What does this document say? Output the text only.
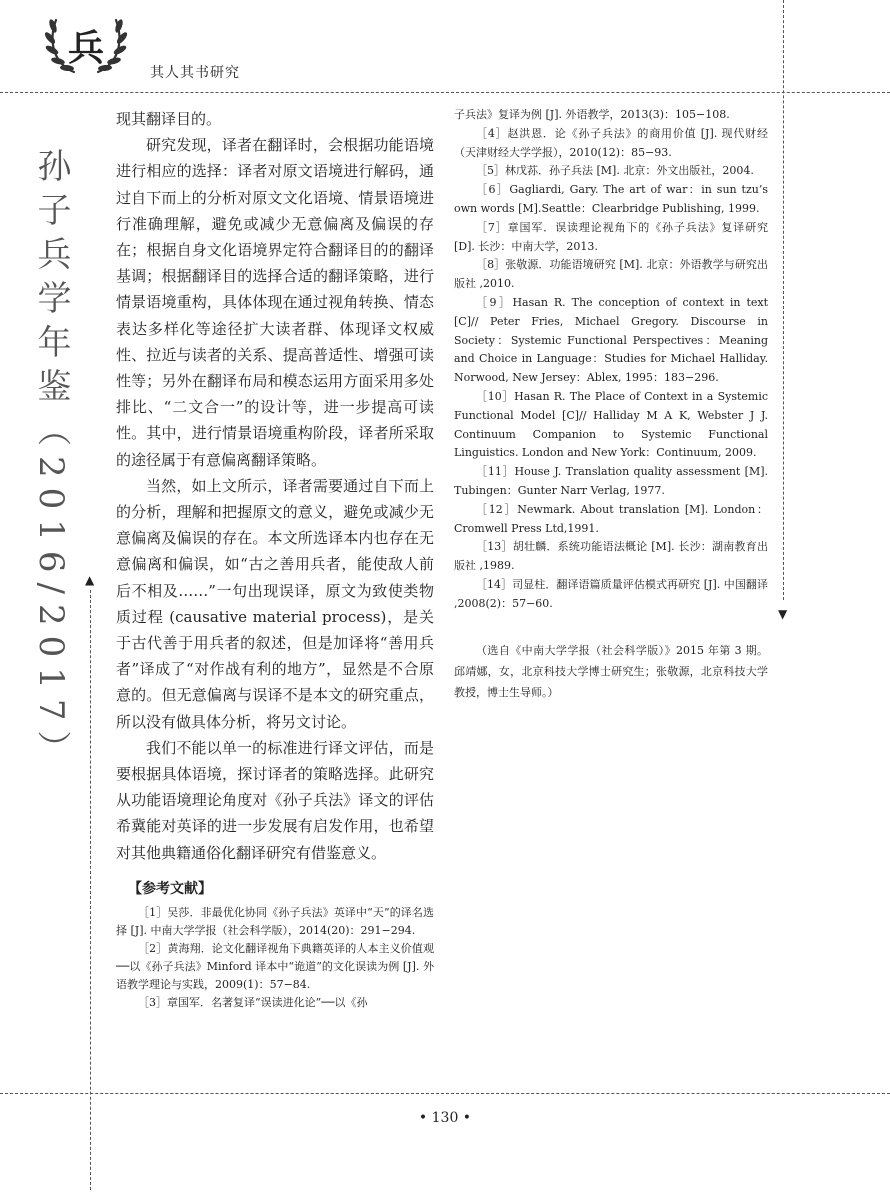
▲
▼
兵
其人其书研究
孙子兵学年鉴（2016/2017）

现其翻译目的。

研究发现，译者在翻译时，会根据功能语境进行相应的选择：译者对原文语境进行解码，通过自下而上的分析对原文文化语境、情景语境进行准确理解，避免或减少无意偏离及偏误的存在；根据自身文化语境界定符合翻译目的的翻译基调；根据翻译目的选择合适的翻译策略，进行情景语境重构，具体体现在通过视角转换、情态表达多样化等途径扩大读者群、体现译文权威性、拉近与读者的关系、提高普适性、增强可读性等；另外在翻译布局和模态运用方面采用多处排比、“二文合一”的设计等，进一步提高可读性。其中，进行情景语境重构阶段，译者所采取的途径属于有意偏离翻译策略。

当然，如上文所示，译者需要通过自下而上的分析，理解和把握原文的意义，避免或减少无意偏离及偏误的存在。本文所选译本内也存在无意偏离和偏误，如“古之善用兵者，能使敌人前后不相及……”一句出现误译，原文为致使类物质过程 (causative material process)，是关于古代善于用兵者的叙述，但是加译将“善用兵者”译成了“对作战有利的地方”，显然是不合原意的。但无意偏离与误译不是本文的研究重点，所以没有做具体分析，将另文讨论。

我们不能以单一的标准进行译文评估，而是要根据具体语境，探讨译者的策略选择。此研究从功能语境理论角度对《孙子兵法》译文的评估希冀能对英译的进一步发展有启发作用，也希望对其他典籍通俗化翻译研究有借鉴意义。

【参考文献】

［1］吴莎．非最优化协同《孙子兵法》英译中“天”的译名选择 [J]. 中南大学学报（社会科学版），2014(20)：291−294.

［2］黄海翔．论文化翻译视角下典籍英译的人本主义价值观──以《孙子兵法》Minford 译本中“诡道”的文化误读为例 [J]. 外语教学理论与实践，2009(1)：57−84.

［3］章国军．名著复译“误读进化论”──以《孙

子兵法》复译为例 [J]. 外语教学，2013(3)：105−108.

［4］赵洪恩．论《孙子兵法》的商用价值 [J]. 现代财经（天津财经大学学报），2010(12)：85−93.

［5］林戊荪．孙子兵法 [M]. 北京：外文出版社，2004.

［6］Gagliardi, Gary. The art of war：in sun tzu’s own words [M].Seattle：Clearbridge Publishing, 1999.

［7］章国军．误读理论视角下的《孙子兵法》复译研究 [D]. 长沙：中南大学，2013.

［8］张敬源．功能语境研究 [M]. 北京：外语教学与研究出版社 ,2010.

［9］Hasan R. The conception of context in text [C]// Peter Fries, Michael Gregory. Discourse in Society：Systemic Functional Perspectives：Meaning and Choice in Language：Studies for Michael Halliday. Norwood, New Jersey：Ablex, 1995：183−296.

［10］Hasan R. The Place of Context in a Systemic Functional Model [C]// Halliday M A K, Webster J J. Continuum Companion to Systemic Functional Linguistics. London and New York：Continuum, 2009.

［11］House J. Translation quality assessment [M]. Tubingen：Gunter Narr Verlag, 1977.

［12］Newmark. About translation [M]. London：Cromwell Press Ltd,1991.

［13］胡壮麟．系统功能语法概论 [M]. 长沙：湖南教育出版社 ,1989.

［14］司显柱．翻译语篇质量评估模式再研究 [J]. 中国翻译 ,2008(2)：57−60.

（选自《中南大学学报（社会科学版）》2015 年第 3 期。邱靖娜，女，北京科技大学博士研究生；张敬源，北京科技大学教授，博士生导师。）

• 130 •
